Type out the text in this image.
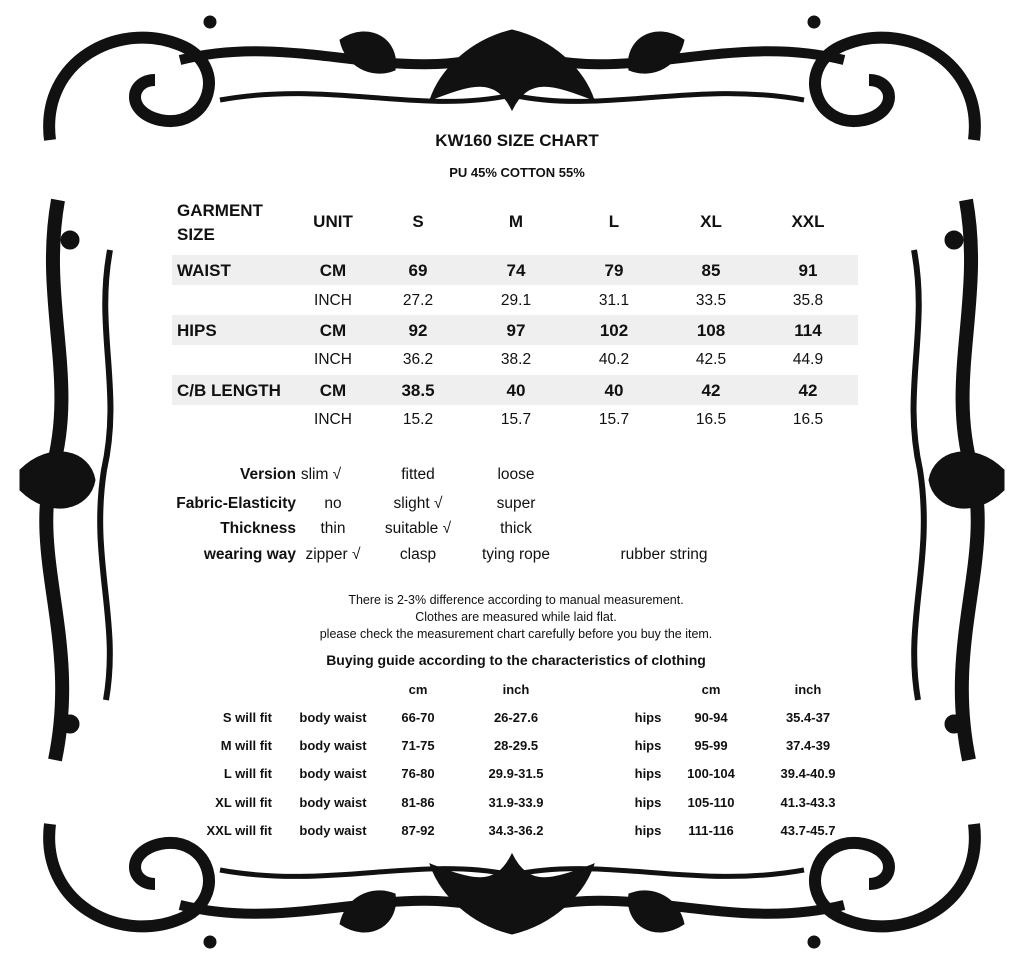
KW160 SIZE CHART
PU 45% COTTON 55%
GARMENT
SIZE
UNIT	S	M	L	XL	XXL
WAIST	CM	69	74	79	85	91
INCH	27.2	29.1	31.1	33.5	35.8
HIPS	CM	92	97	102	108	114
INCH	36.2	38.2	40.2	42.5	44.9
C/B LENGTH CM	38.5	40	40	42	42
INCH	15.2	15.7	15.7	16.5	16.5
Version slim √	fitted	loose
Fabric-Elasticity no	slight √	super
Thickness thin	suitable √	thick
wearing way zipper √	clasp	tying rope	rubber string
There is 2-3% difference according to manual measurement.
Clothes are measured while laid flat.
please check the measurement chart carefully before you buy the item.
Buying guide according to the characteristics of clothing
cm	inch	cm	inch
S will fit body waist	66-70	26-27.6	hips	90-94	35.4-37
M will fit body waist	71-75	28-29.5	hips	95-99	37.4-39
L will fit body waist	76-80	29.9-31.5	hips 100-104	39.4-40.9
XL will fit body waist	81-86	31.9-33.9	hips 105-110	41.3-43.3
XXL will fit body waist	87-92	34.3-36.2	hips 111-116	43.7-45.7
